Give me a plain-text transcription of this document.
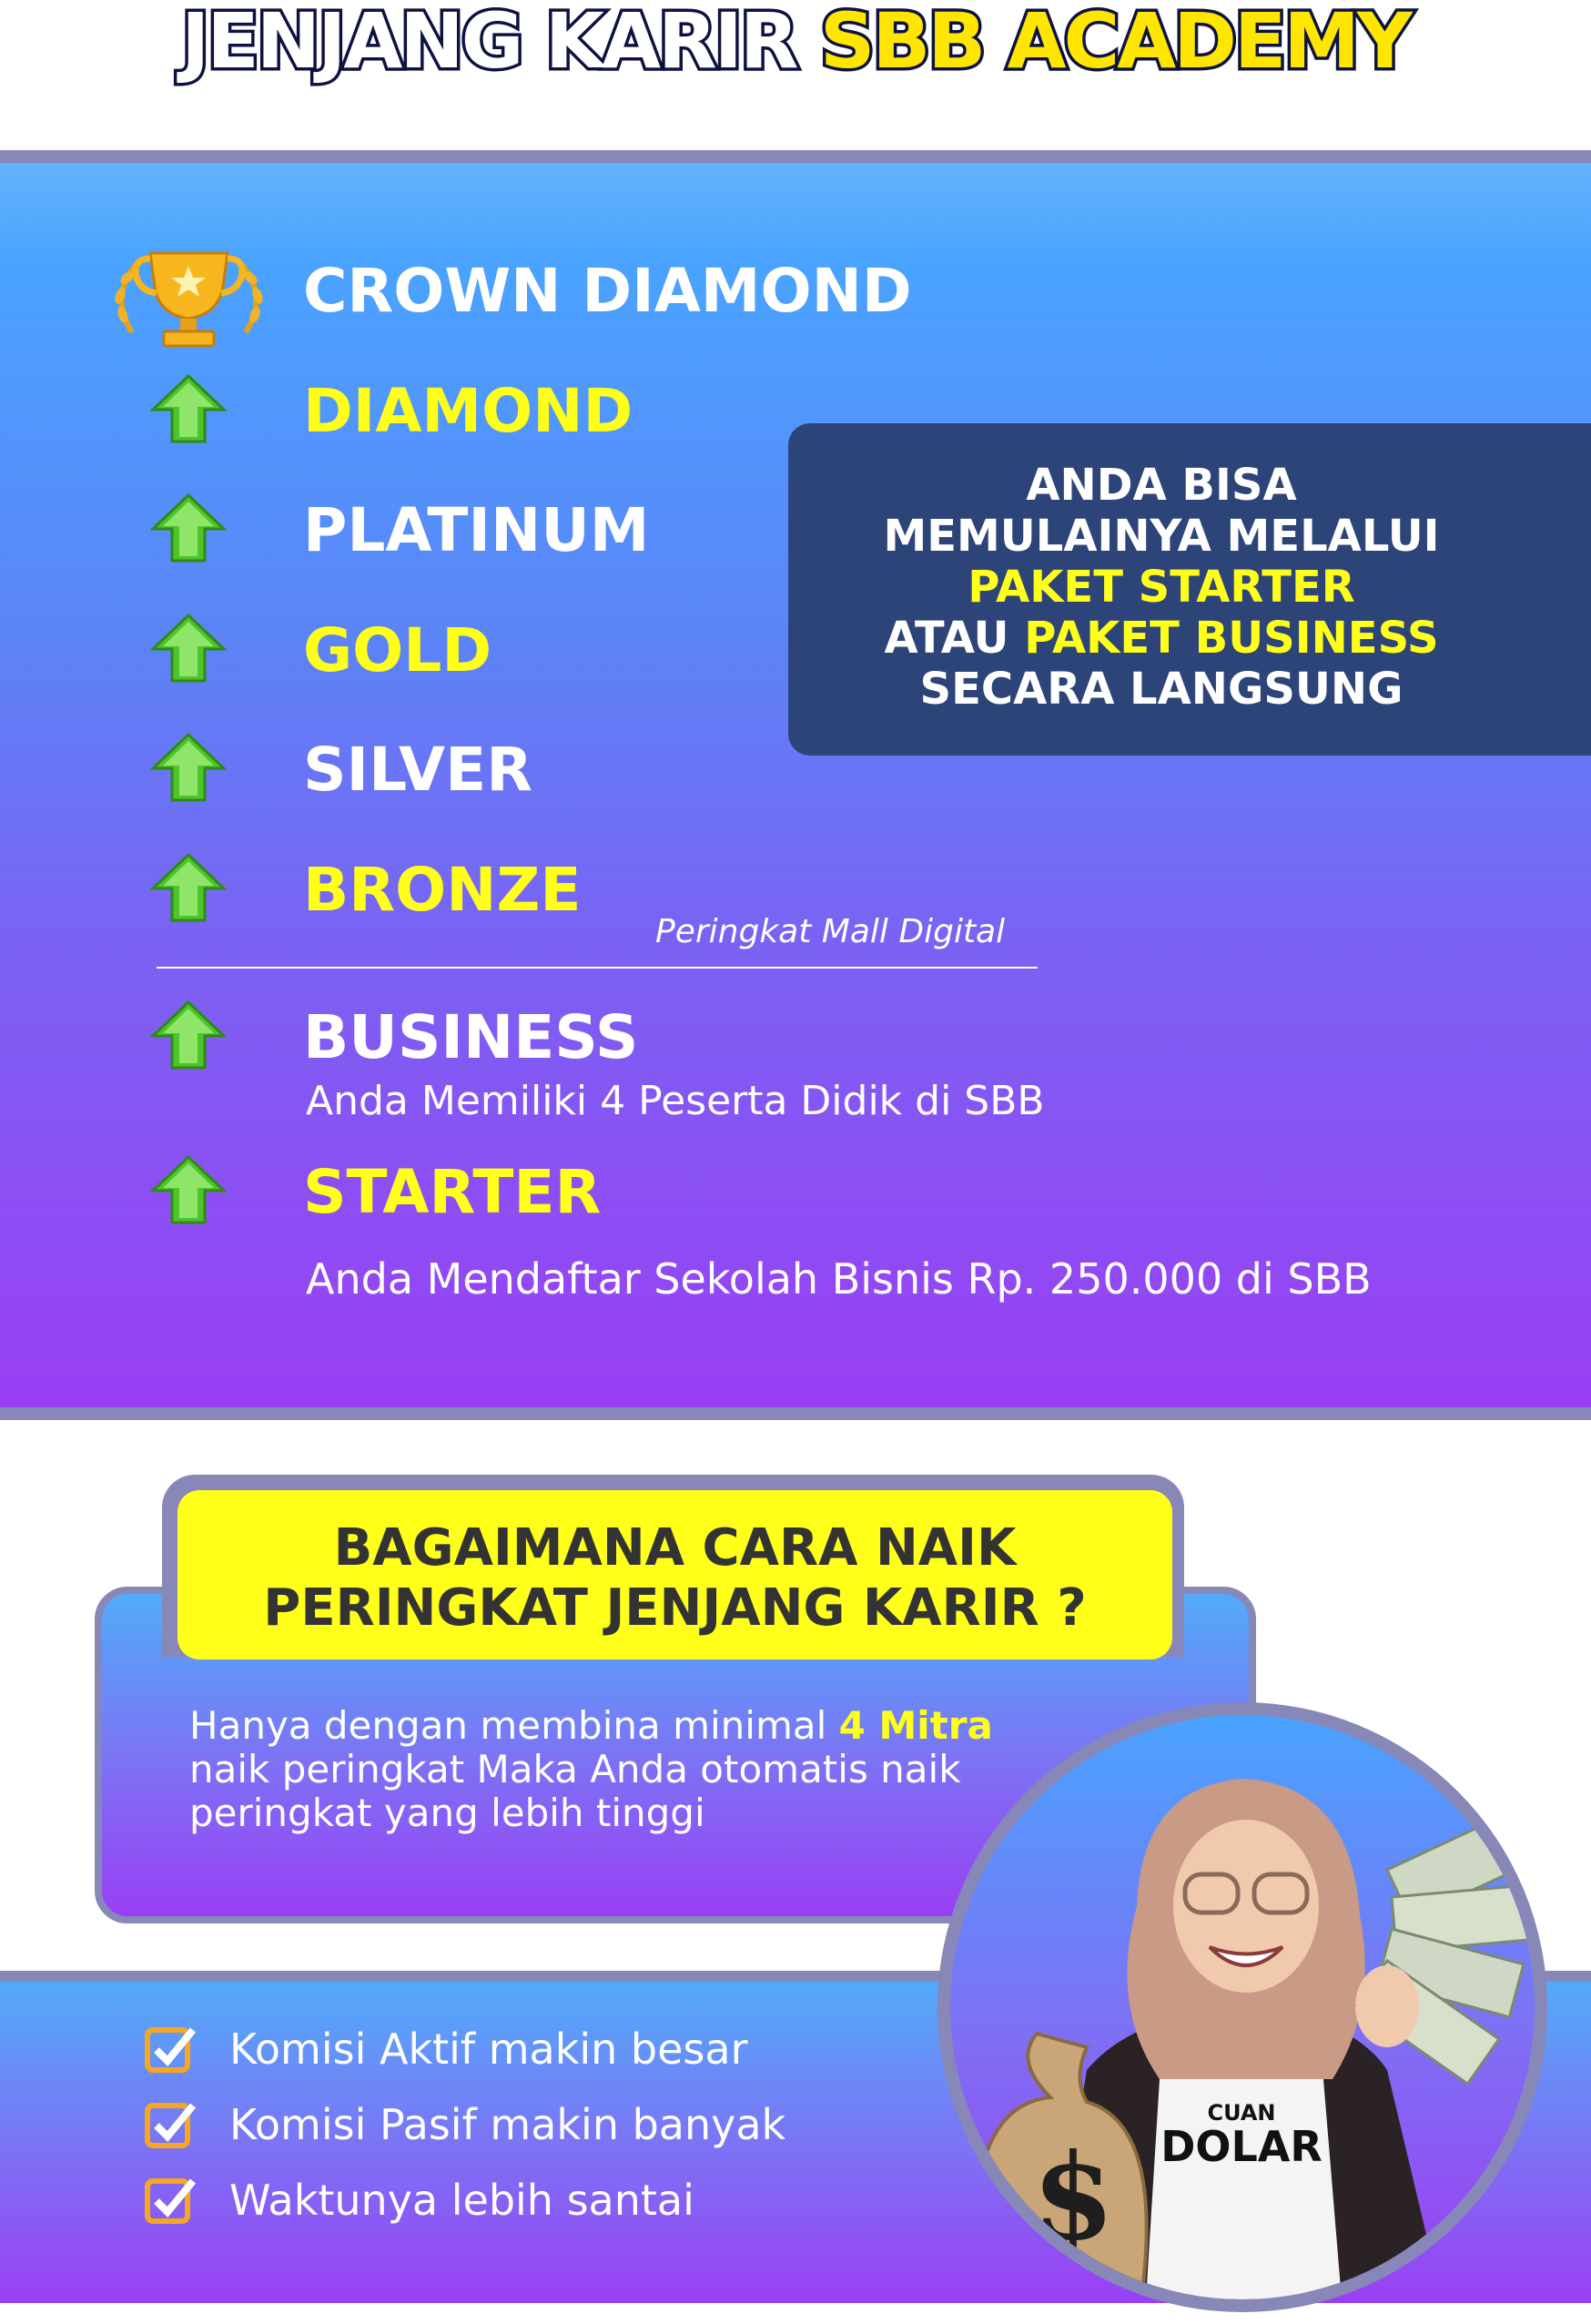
JENJANG KARIR SBB ACADEMY
CROWN DIAMOND
DIAMOND
PLATINUM
GOLD
SILVER
BRONZE
BUSINESS
STARTER
Peringkat Mall Digital
Anda Memiliki 4 Peserta Didik di SBB
Anda Mendaftar Sekolah Bisnis Rp. 250.000 di SBB
ANDA BISA
MEMULAINYA MELALUI
PAKET STARTER
ATAU PAKET BUSINESS
SECARA LANGSUNG
BAGAIMANA CARA NAIK
PERINGKAT JENJANG KARIR ?
Hanya dengan membina minimal 4 Mitra
naik peringkat Maka Anda otomatis naik
peringkat yang lebih tinggi
Komisi Aktif makin besar
Komisi Pasif makin banyak
Waktunya lebih santai	$
CUAN
DOLAR
